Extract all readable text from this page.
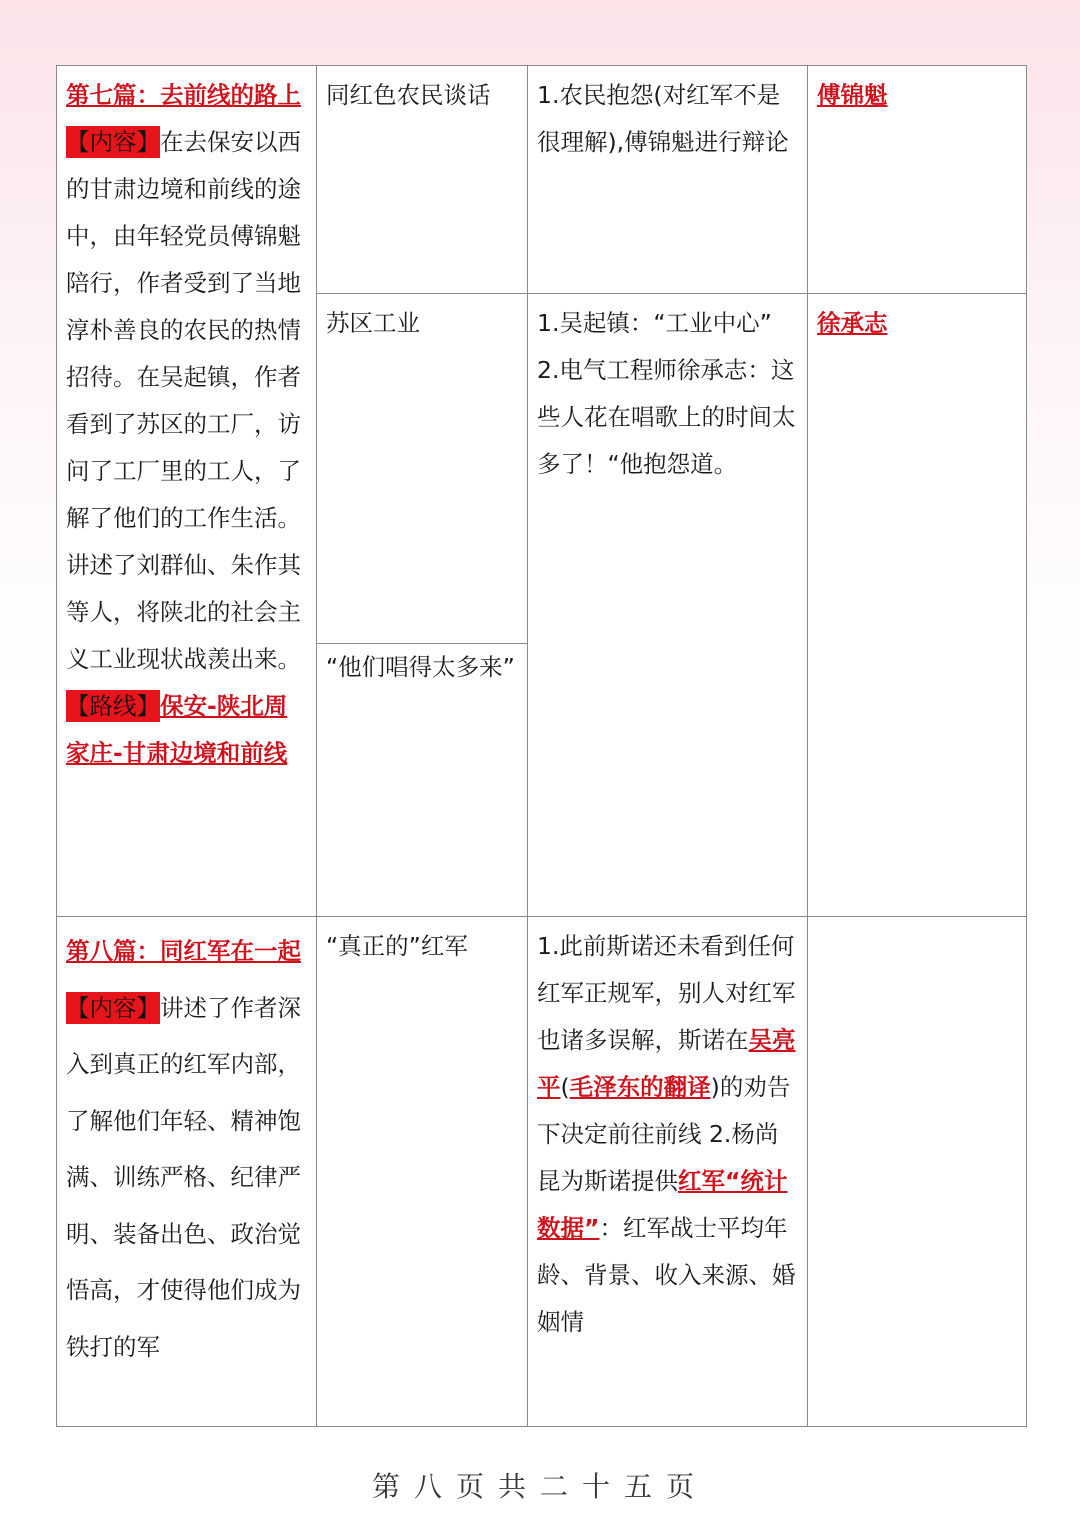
第七篇：去前线的路上
【内容】在去保安以西的甘肃边境和前线的途中，由年轻党员傅锦魁陪行，作者受到了当地淳朴善良的农民的热情招待。在吴起镇，作者看到了苏区的工厂，访问了工厂里的工人，了解了他们的工作生活。讲述了刘群仙、朱作其等人，将陕北的社会主义工业现状战羡出来。
【路线】保安-陕北周家庄-甘肃边境和前线	同红色农民谈话	1.农民抱怨(对红军不是很理解),傅锦魁进行辩论	傅锦魁
	苏区工业	1.吴起镇：“工业中心”
2.电气工程师徐承志：这些人花在唱歌上的时间太多了！“他抱怨道。	徐承志
	“他们唱得太多来”		
第八篇：同红军在一起
【内容】讲述了作者深入到真正的红军内部，了解他们年轻、精神饱满、训练严格、纪律严明、装备出色、政治觉悟高，才使得他们成为铁打的军	“真正的”红军	1.此前斯诺还未看到任何红军正规军，别人对红军也诸多误解，斯诺在吴亮平(毛泽东的翻译)的劝告下决定前往前线 2.杨尚昆为斯诺提供红军“统计数据”：红军战士平均年龄、背景、收入来源、婚姻情	
第八页共二十五页
